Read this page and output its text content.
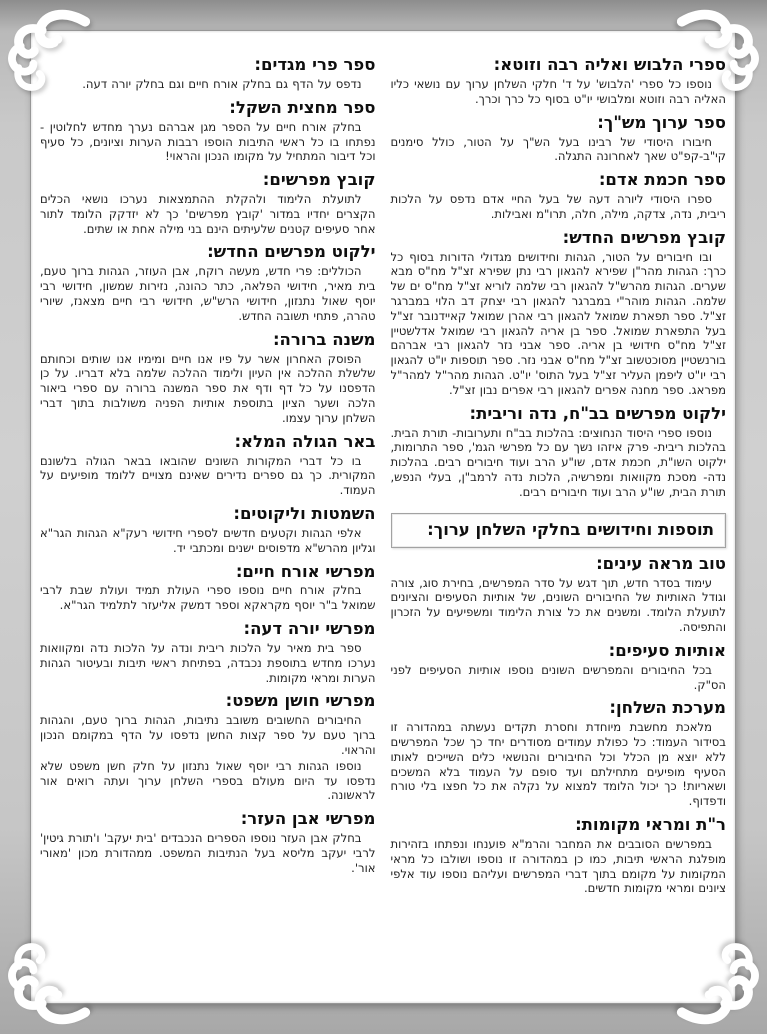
ספרי הלבוש ואליה רבה וזוטא:

נוספו כל ספרי 'הלבוש' על ד' חלקי השלחן ערוך עם נושאי כליו האליה רבה וזוטא ומלבושי יו"ט בסוף כל כרך וכרך.

ספר ערוך מש"ך:

חיבורו היסודי של רבינו בעל הש"ך על הטור, כולל סימנים קי"ב-קפ"ט שאך לאחרונה התגלה.

ספר חכמת אדם:

ספרו היסודי ליורה דעה של בעל החיי אדם נדפס על הלכות ריבית, נדה, צדקה, מילה, חלה, תרו"מ ואבילות.

קובץ מפרשים החדש:

ובו חיבורים על הטור, הגהות וחידושים מגדולי הדורות בסוף כל כרך: הגהות מהר"ן שפירא להגאון רבי נתן שפירא זצ"ל מח"ס מבא שערים. הגהות מהרש"ל להגאון רבי שלמה לוריא זצ"ל מח"ס ים של שלמה. הגהות מוהר"י במברגר להגאון רבי יצחק דב הלוי במברגר זצ"ל. ספר תפארת שמואל להגאון רבי אהרן שמואל קאיידנובר זצ"ל בעל התפארת שמואל. ספר בן אריה להגאון רבי שמואל אדלשטיין זצ"ל מח"ס חידושי בן אריה. ספר אבני נזר להגאון רבי אברהם בורנשטיין מסוכטשוב זצ"ל מח"ס אבני נזר. ספר תוספות יו"ט להגאון רבי יו"ט ליפמן העליר זצ"ל בעל התוס' יו"ט. הגהות מהר"ל למהר"ל מפראג. ספר מחנה אפרים להגאון רבי אפרים נבון זצ"ל.

ילקוט מפרשים בב"ח, נדה וריבית:

נוספו ספרי היסוד הנחוצים: בהלכות בב"ח ותערובות- תורת הבית. בהלכות ריבית- פרק איזהו נשך עם כל מפרשי הגמ', ספר התרומות, ילקוט השו"ת, חכמת אדם, שו"ע הרב ועוד חיבורים רבים. בהלכות נדה- מסכת מקוואות ומפרשיה, הלכות נדה לרמב"ן, בעלי הנפש, תורת הבית, שו"ע הרב ועוד חיבורים רבים.

תוספות וחידושים בחלקי השלחן ערוך:
טוב מראה עינים:

עימוד בסדר חדש, תוך דגש על סדר המפרשים, בחירת סוג, צורה וגודל האותיות של החיבורים השונים, של אותיות הסעיפים והציונים לתועלת הלומד. ומשנים את כל צורת הלימוד ומשפיעים על הזכרון והתפיסה.

אותיות סעיפים:

בכל החיבורים והמפרשים השונים נוספו אותיות הסעיפים לפני הס"ק.

מערכת השלחן:

מלאכת מחשבת מיוחדת וחסרת תקדים נעשתה במהדורה זו בסידור העמוד: כל כפולת עמודים מסודרים יחד כך שכל המפרשים ללא יוצא מן הכלל וכל החיבורים והנושאי כלים השייכים לאותו הסעיף מופיעים מתחילתם ועד סופם על העמוד בלא המשכים ושאריות! כך יכול הלומד למצוא על נקלה את כל חפצו בלי טורח ודפדוף.

ר"ת ומראי מקומות:

במפרשים הסובבים את המחבר והרמ"א פוענחו ונפתחו בזהירות מופלגת הראשי תיבות, כמו כן במהדורה זו נוספו ושולבו כל מראי המקומות על מקומם בתוך דברי המפרשים ועליהם נוספו עוד אלפי ציונים ומראי מקומות חדשים.

ספר פרי מגדים:

נדפס על הדף גם בחלק אורח חיים וגם בחלק יורה דעה.

ספר מחצית השקל:

בחלק אורח חיים על הספר מגן אברהם נערך מחדש לחלוטין - נפתחו בו כל ראשי התיבות הוספו רבבות הערות וציונים, כל סעיף וכל דיבור המתחיל על מקומו הנכון והראוי!

קובץ מפרשים:

לתועלת הלימוד ולהקלת ההתמצאות נערכו נושאי הכלים הקצרים יחדיו במדור 'קובץ מפרשים' כך לא יזדקק הלומד לתור אחר סעיפים קטנים שלעיתים הינם בני מילה אחת או שתים.

ילקוט מפרשים החדש:

הכוללים: פרי חדש, מעשה רוקח, אבן העוזר, הגהות ברוך טעם, בית מאיר, חידושי הפלאה, כתר כהונה, נזירות שמשון, חידושי רבי יוסף שאול נתנזון, חידושי הרש"ש, חידושי רבי חיים מצאנז, שיורי טהרה, פתחי תשובה החדש.

משנה ברורה:

הפוסק האחרון אשר על פיו אנו חיים ומימיו אנו שותים וכחותם שלשלת ההלכה אין העיון ולימוד ההלכה שלמה בלא דבריו. על כן הדפסנו על כל דף ודף את ספר המשנה ברורה עם ספרי ביאור הלכה ושער הציון בתוספת אותיות הפניה משולבות בתוך דברי השלחן ערוך עצמו.

באר הגולה המלא:

בו כל דברי המקורות השונים שהובאו בבאר הגולה בלשונם המקורית. כך גם ספרים נדירים שאינם מצויים ללומד מופיעים על העמוד.

השמטות וליקוטים:

אלפי הגהות וקטעים חדשים לספרי חידושי רעק"א הגהות הגר"א וגליון מהרש"א מדפוסים ישנים ומכתבי יד.

מפרשי אורח חיים:

בחלק אורח חיים נוספו ספרי העולת תמיד ועולת שבת לרבי שמואל ב"ר יוסף מקראקא וספר דמשק אליעזר לתלמיד הגר"א.

מפרשי יורה דעה:

ספר בית מאיר על הלכות ריבית ונדה על הלכות נדה ומקוואות נערכו מחדש בתוספת נכבדה, בפתיחת ראשי תיבות ובעיטור הגהות הערות ומראי מקומות.

מפרשי חושן משפט:

החיבורים החשובים משובב נתיבות, הגהות ברוך טעם, והגהות ברוך טעם על ספר קצות החשן נדפסו על הדף במקומם הנכון והראוי.

נוספו הגהות רבי יוסף שאול נתנזון על חלק חשן משפט שלא נדפסו עד היום מעולם בספרי השלחן ערוך ועתה רואים אור לראשונה.

מפרשי אבן העזר:

בחלק אבן העזר נוספו הספרים הנכבדים 'בית יעקב' ו'תורת גיטין' לרבי יעקב מליסא בעל הנתיבות המשפט. ממהדורת מכון 'מאורי אור'.
